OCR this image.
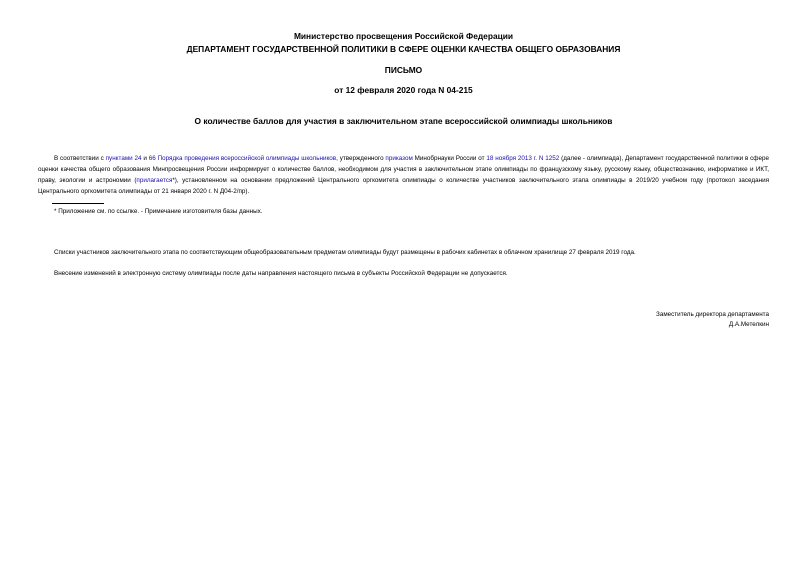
Министерство просвещения Российской Федерации
ДЕПАРТАМЕНТ ГОСУДАРСТВЕННОЙ ПОЛИТИКИ В СФЕРЕ ОЦЕНКИ КАЧЕСТВА ОБЩЕГО ОБРАЗОВАНИЯ
ПИСЬМО
от 12 февраля 2020 года N 04-215
О количестве баллов для участия в заключительном этапе всероссийской олимпиады школьников
В соответствии с пунктами 24 и 66 Порядка проведения всероссийской олимпиады школьников, утвержденного приказом Минобрнауки России от 18 ноября 2013 г. N 1252 (далее - олимпиада), Департамент государственной политики в сфере оценки качества общего образования Минпросвещения России информирует о количестве баллов, необходимом для участия в заключительном этапе олимпиады по французскому языку, русскому языку, обществознанию, информатике и ИКТ, праву, экологии и астрономии (прилагается*), установленном на основании предложений Центрального оргкомитета олимпиады о количестве участников заключительного этапа олимпиады в 2019/20 учебном году (протокол заседания Центрального оргкомитета олимпиады от 21 января 2020 г. N Д04-2/пр).
* Приложение см. по ссылке. - Примечание изготовителя базы данных.
Списки участников заключительного этапа по соответствующим общеобразовательным предметам олимпиады будут размещены в рабочих кабинетах в облачном хранилище 27 февраля 2019 года.
Внесение изменений в электронную систему олимпиады после даты направления настоящего письма в субъекты Российской Федерации не допускается.
Заместитель директора департамента
Д.А.Метелкин
